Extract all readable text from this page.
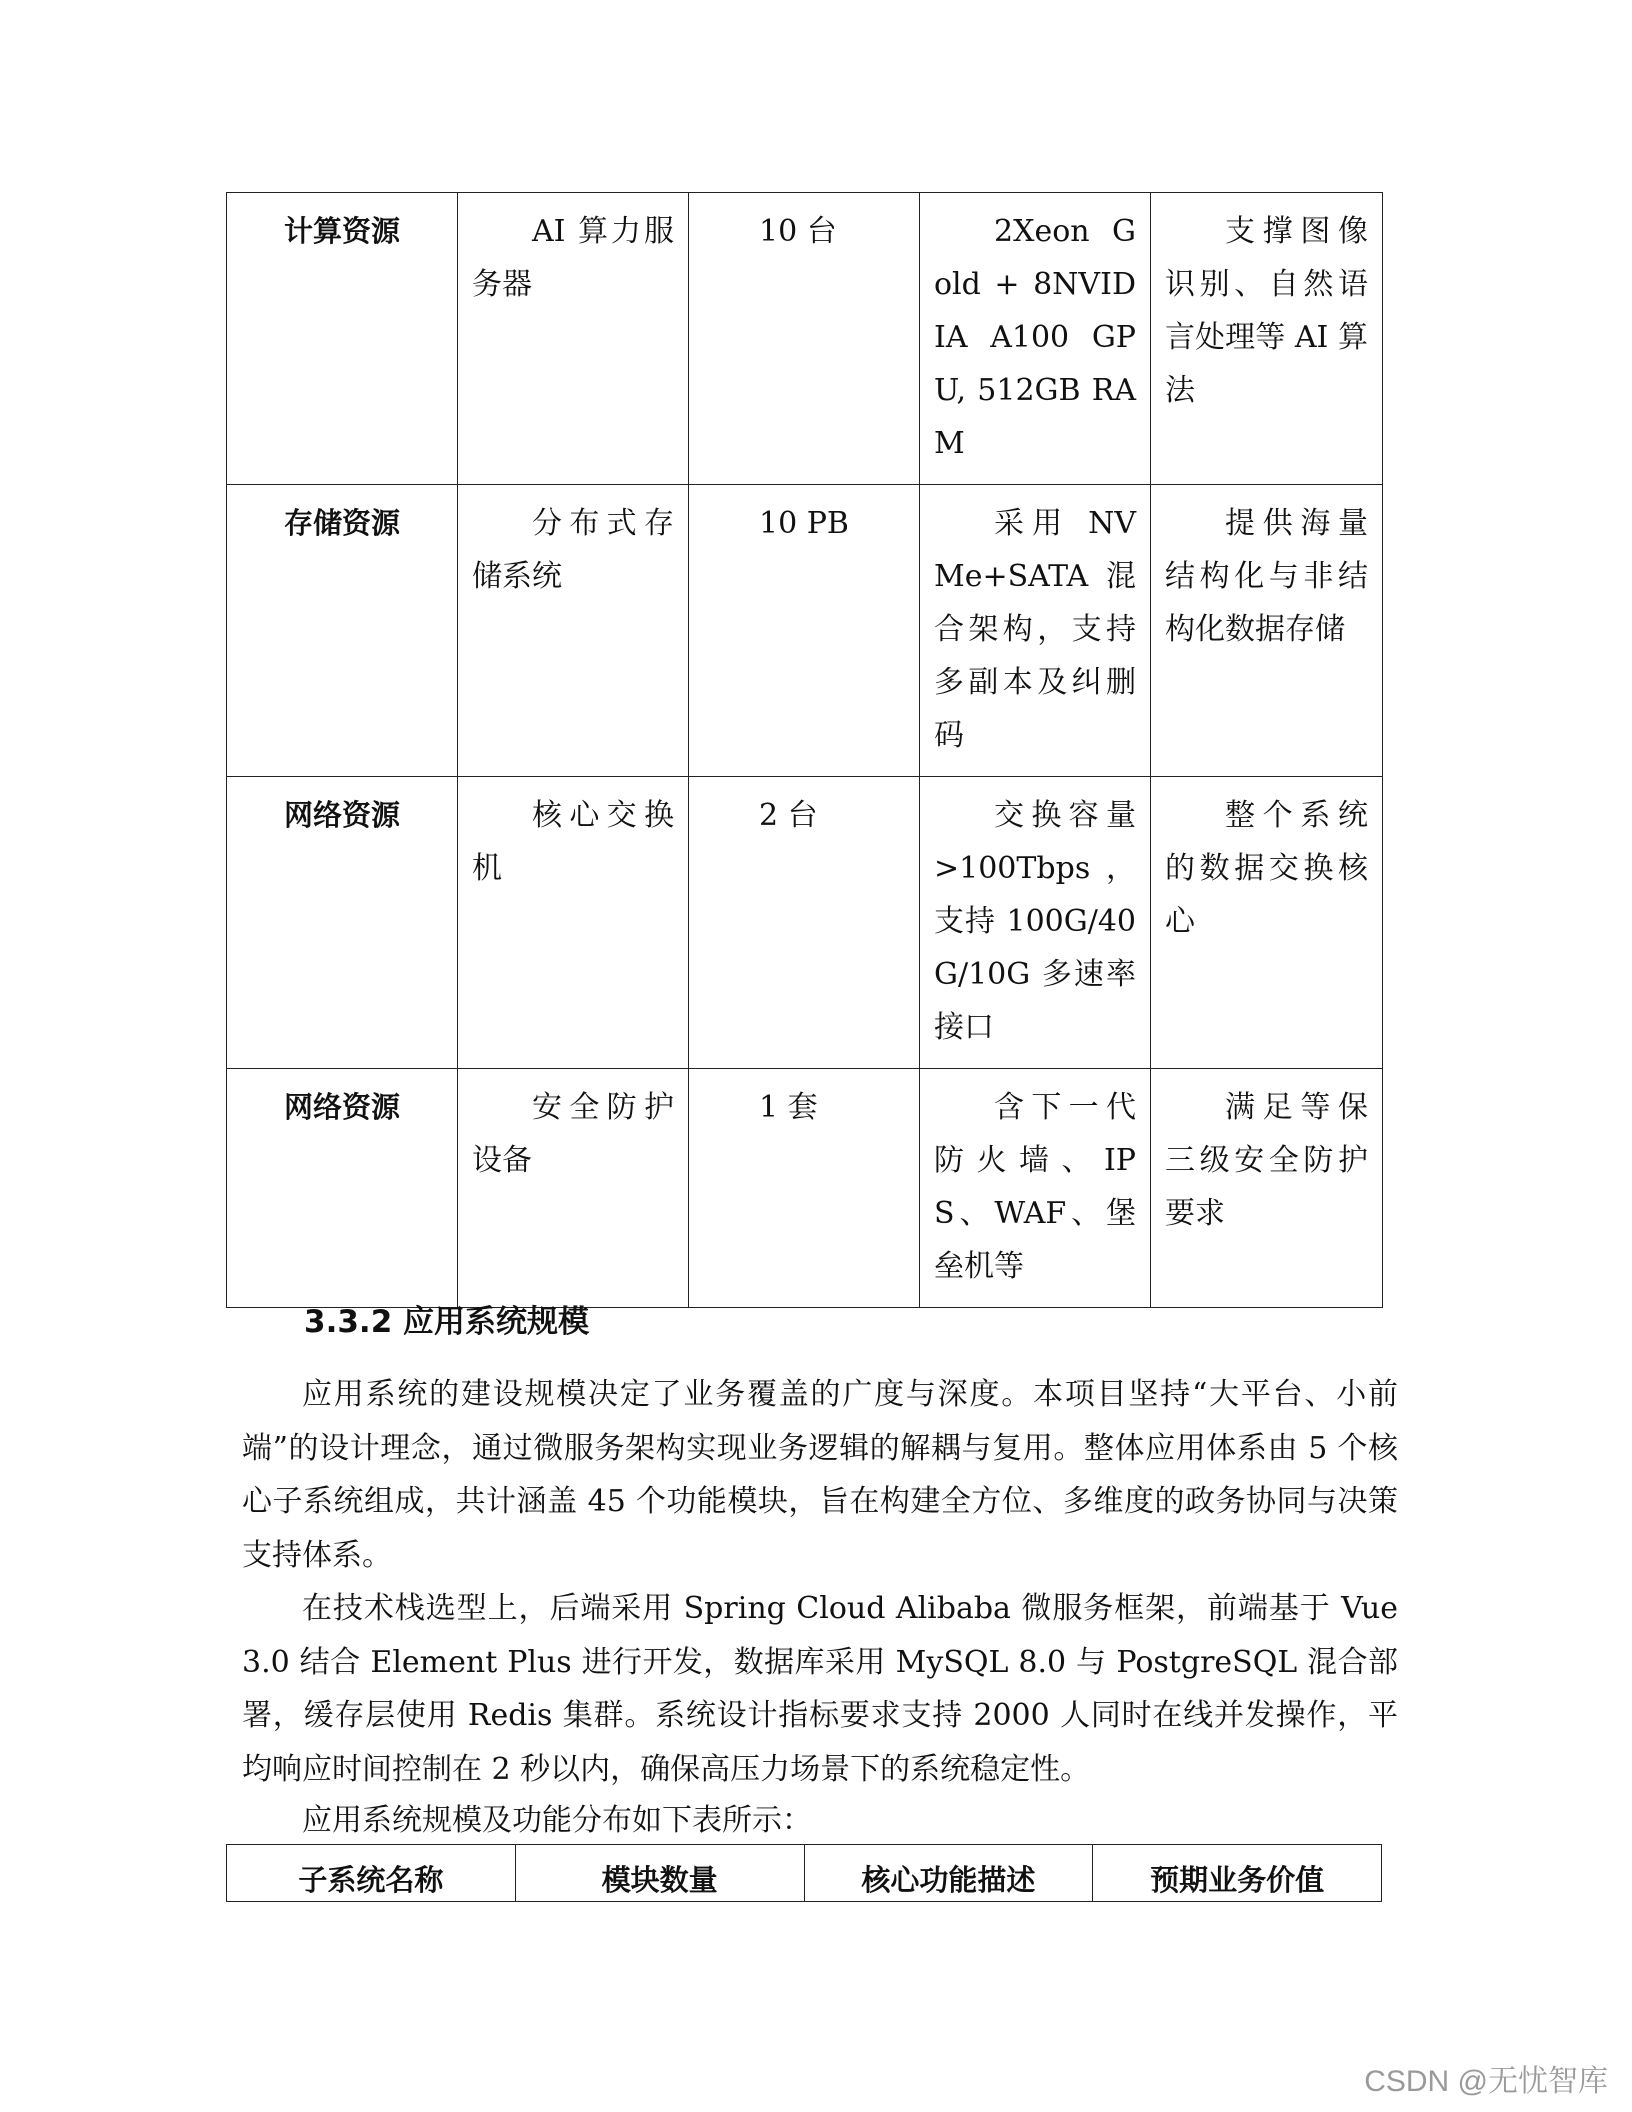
计算资源	AI 算力服务器	10 台	2Xeon Gold + 8NVIDIA A100 GPU, 512GB RAM	支撑图像识别、自然语言处理等 AI 算法
存储资源	分布式存储系统	10 PB	采用 NVMe+SATA 混合架构，支持多副本及纠删码	提供海量结构化与非结构化数据存储
网络资源	核心交换机	2 台	交换容量>100Tbps，支持 100G/40G/10G 多速率接口	整个系统的数据交换核心
网络资源	安全防护设备	1 套	含下一代防火墙、IPS、WAF、堡垒机等	满足等保三级安全防护要求
3.3.2 应用系统规模

应用系统的建设规模决定了业务覆盖的广度与深度。本项目坚持“大平台、小前端”的设计理念，通过微服务架构实现业务逻辑的解耦与复用。整体应用体系由 5 个核心子系统组成，共计涵盖 45 个功能模块，旨在构建全方位、多维度的政务协同与决策支持体系。

在技术栈选型上，后端采用 Spring Cloud Alibaba 微服务框架，前端基于 Vue 3.0 结合 Element Plus 进行开发，数据库采用 MySQL 8.0 与 PostgreSQL 混合部署，缓存层使用 Redis 集群。系统设计指标要求支持 2000 人同时在线并发操作，平均响应时间控制在 2 秒以内，确保高压力场景下的系统稳定性。

应用系统规模及功能分布如下表所示：

子系统名称	模块数量	核心功能描述	预期业务价值
CSDN @无忧智库
